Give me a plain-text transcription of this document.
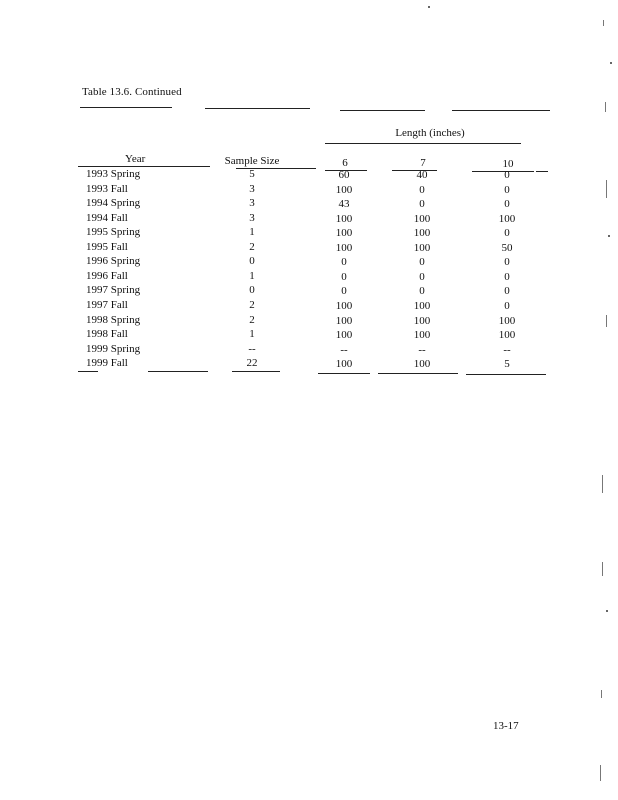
Table 13.6. Continued
Length (inches)
Year	Sample Size	6	7	10
1993 Spring	5	60	40	0
1993 Fall	3	100	0	0
1994 Spring	3	43	0	0
1994 Fall	3	100	100	100
1995 Spring	1	100	100	0
1995 Fall	2	100	100	50
1996 Spring	0	0	0	0
1996 Fall	1	0	0	0
1997 Spring	0	0	0	0
1997 Fall	2	100	100	0
1998 Spring	2	100	100	100
1998 Fall	1	100	100	100
1999 Spring	--	--	--	--
1999 Fall	22	100	100	5
13-17
